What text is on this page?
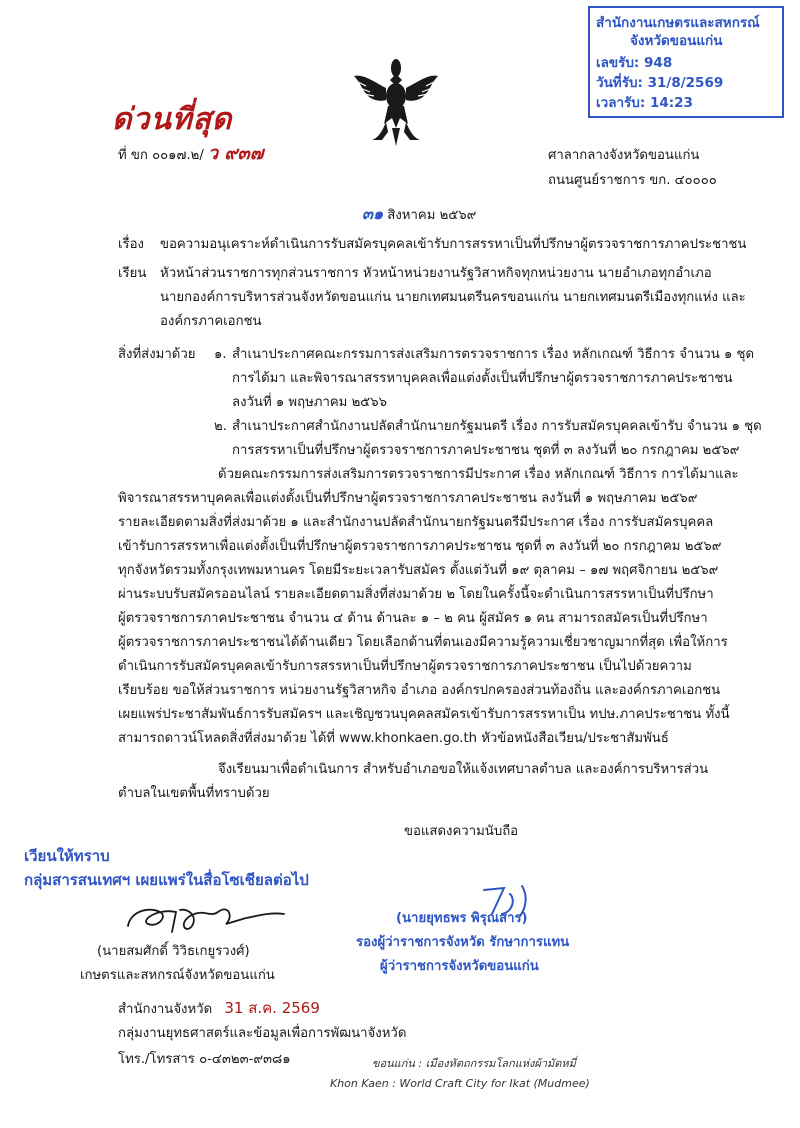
สำนักงานเกษตรและสหกรณ์
จังหวัดขอนแก่น
เลขรับ: 948
วันที่รับ: 31/8/2569
เวลารับ: 14:23
ด่วนที่สุด
ที่ ขก ๐๐๑๗.๒/ ว ๙๓๗	ศาลากลางจังหวัดขอนแก่น
ถนนศูนย์ราชการ ขก. ๔๐๐๐๐
๓๑ สิงหาคม ๒๕๖๙
เรื่อง ขอความอนุเคราะห์ดำเนินการรับสมัครบุคคลเข้ารับการสรรหาเป็นที่ปรึกษาผู้ตรวจราชการภาคประชาชน
เรียน หัวหน้าส่วนราชการทุกส่วนราชการ หัวหน้าหน่วยงานรัฐวิสาหกิจทุกหน่วยงาน นายอำเภอทุกอำเภอ
นายกองค์การบริหารส่วนจังหวัดขอนแก่น นายกเทศมนตรีนครขอนแก่น นายกเทศมนตรีเมืองทุกแห่ง และ
องค์กรภาคเอกชน
สิ่งที่ส่งมาด้วย ๑. สำเนาประกาศคณะกรรมการส่งเสริมการตรวจราชการ เรื่อง หลักเกณฑ์ วิธีการ จำนวน ๑ ชุด
การได้มา และพิจารณาสรรหาบุคคลเพื่อแต่งตั้งเป็นที่ปรึกษาผู้ตรวจราชการภาคประชาชน
ลงวันที่ ๑ พฤษภาคม ๒๕๖๖
๒. สำเนาประกาศสำนักงานปลัดสำนักนายกรัฐมนตรี เรื่อง การรับสมัครบุคคลเข้ารับ จำนวน ๑ ชุด
การสรรหาเป็นที่ปรึกษาผู้ตรวจราชการภาคประชาชน ชุดที่ ๓ ลงวันที่ ๒๐ กรกฎาคม ๒๕๖๙
ด้วยคณะกรรมการส่งเสริมการตรวจราชการมีประกาศ เรื่อง หลักเกณฑ์ วิธีการ การได้มาและ
พิจารณาสรรหาบุคคลเพื่อแต่งตั้งเป็นที่ปรึกษาผู้ตรวจราชการภาคประชาชน ลงวันที่ ๑ พฤษภาคม ๒๕๖๙
รายละเอียดตามสิ่งที่ส่งมาด้วย ๑ และสำนักงานปลัดสำนักนายกรัฐมนตรีมีประกาศ เรื่อง การรับสมัครบุคคล
เข้ารับการสรรหาเพื่อแต่งตั้งเป็นที่ปรึกษาผู้ตรวจราชการภาคประชาชน ชุดที่ ๓ ลงวันที่ ๒๐ กรกฎาคม ๒๕๖๙
ทุกจังหวัดรวมทั้งกรุงเทพมหานคร โดยมีระยะเวลารับสมัคร ตั้งแต่วันที่ ๑๙ ตุลาคม – ๑๗ พฤศจิกายน ๒๕๖๙
ผ่านระบบรับสมัครออนไลน์ รายละเอียดตามสิ่งที่ส่งมาด้วย ๒ โดยในครั้งนี้จะดำเนินการสรรหาเป็นที่ปรึกษา
ผู้ตรวจราชการภาคประชาชน จำนวน ๔ ด้าน ด้านละ ๑ – ๒ คน ผู้สมัคร ๑ คน สามารถสมัครเป็นที่ปรึกษา
ผู้ตรวจราชการภาคประชาชนได้ด้านเดียว โดยเลือกด้านที่ตนเองมีความรู้ความเชี่ยวชาญมากที่สุด เพื่อให้การ
ดำเนินการรับสมัครบุคคลเข้ารับการสรรหาเป็นที่ปรึกษาผู้ตรวจราชการภาคประชาชน เป็นไปด้วยความ
เรียบร้อย ขอให้ส่วนราชการ หน่วยงานรัฐวิสาหกิจ อำเภอ องค์กรปกครองส่วนท้องถิ่น และองค์กรภาคเอกชน
เผยแพร่ประชาสัมพันธ์การรับสมัครฯ และเชิญชวนบุคคลสมัครเข้ารับการสรรหาเป็น ทปษ.ภาคประชาชน ทั้งนี้
สามารถดาวน์โหลดสิ่งที่ส่งมาด้วย ได้ที่ www.khonkaen.go.th หัวข้อหนังสือเวียน/ประชาสัมพันธ์
จึงเรียนมาเพื่อดำเนินการ สำหรับอำเภอขอให้แจ้งเทศบาลตำบล และองค์การบริหารส่วน
ตำบลในเขตพื้นที่ทราบด้วย
ขอแสดงความนับถือ
เวียนให้ทราบ
กลุ่มสารสนเทศฯ เผยแพร่ในสื่อโซเชียลต่อไป
(นายสมศักดิ์ วิวิธเกยูรวงศ์)
เกษตรและสหกรณ์จังหวัดขอนแก่น
(นายยุทธพร พิรุณสาร)
รองผู้ว่าราชการจังหวัด รักษาการแทน
ผู้ว่าราชการจังหวัดขอนแก่น
สำนักงานจังหวัด 31 ส.ค. 2569
กลุ่มงานยุทธศาสตร์และข้อมูลเพื่อการพัฒนาจังหวัด
โทร./โทรสาร ๐-๔๓๒๓-๙๓๘๑	ขอนแก่น : เมืองหัตถกรรมโลกแห่งผ้ามัดหมี่
Khon Kaen : World Craft City for Ikat (Mudmee)
